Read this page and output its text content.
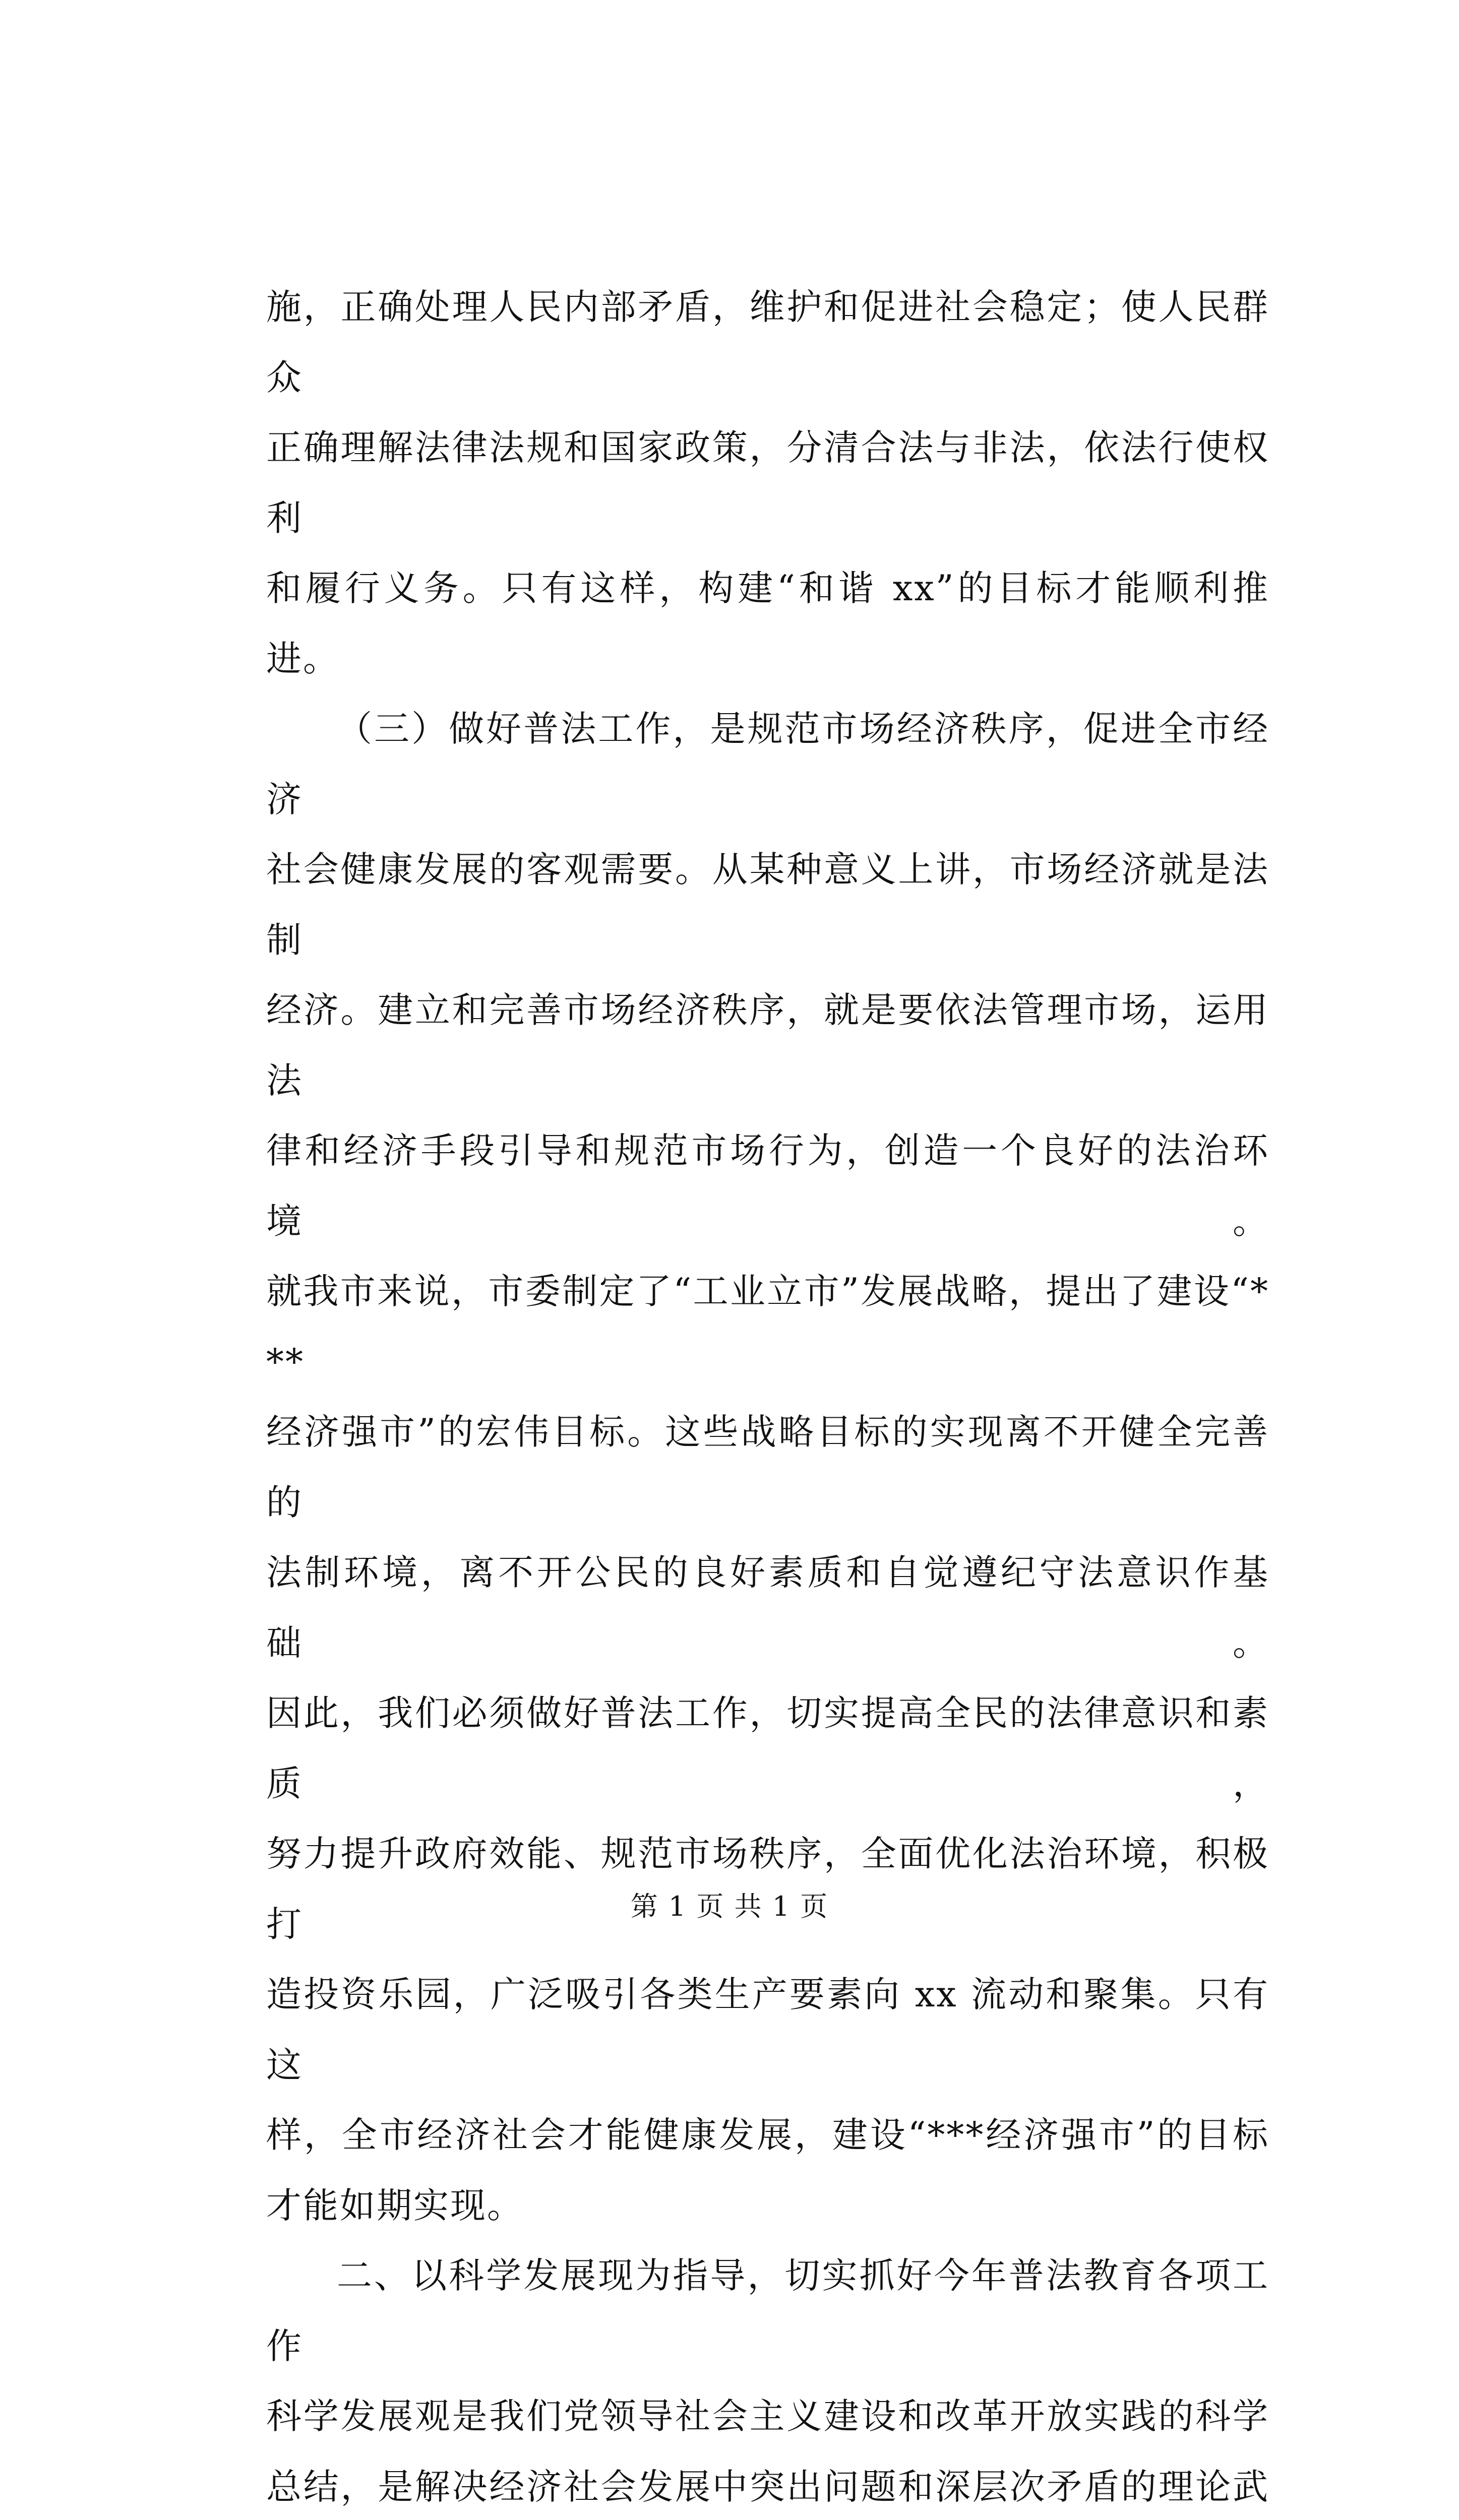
施，正确处理人民内部矛盾，维护和促进社会稳定；使人民群众

正确理解法律法规和国家政策，分清合法与非法，依法行使权利

和履行义务。只有这样，构建“和谐 xx”的目标才能顺利推进。

（三）做好普法工作，是规范市场经济秩序，促进全市经济

社会健康发展的客观需要。从某种意义上讲，市场经济就是法制

经济。建立和完善市场经济秩序，就是要依法管理市场，运用法

律和经济手段引导和规范市场行为，创造一个良好的法治环境。

就我市来说，市委制定了“工业立市”发展战略，提出了建设“***

经济强市”的宏伟目标。这些战略目标的实现离不开健全完善的

法制环境，离不开公民的良好素质和自觉遵纪守法意识作基础。

因此，我们必须做好普法工作，切实提高全民的法律意识和素质，

努力提升政府效能、规范市场秩序，全面优化法治环境，积极打

造投资乐园，广泛吸引各类生产要素向 xx 流动和聚集。只有这

样，全市经济社会才能健康发展，建设“***经济强市”的目标

才能如期实现。

二、以科学发展现为指导，切实抓好今年普法教育各项工作

科学发展观是我们党领导社会主义建设和改革开放实践的科学

总结，是解决经济社会发展中突出问题和深层次矛盾的理论武

第 1 页 共 1 页
